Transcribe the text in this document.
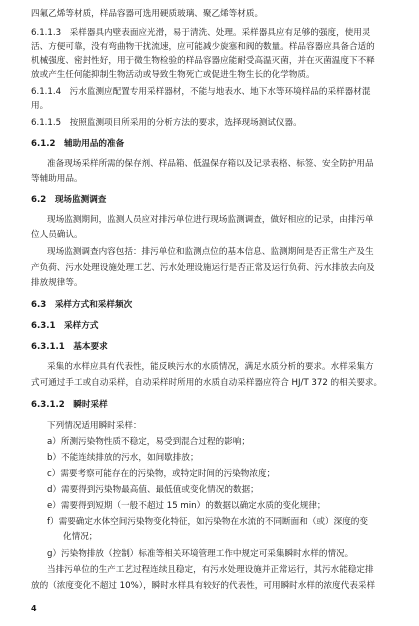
四氟乙烯等材质，样品容器可选用硬质玻璃、聚乙烯等材质。
6.1.1.3　采样器具内壁表面应光滑，易于清洗、处理。采样器具应有足够的强度，使用灵
活、方便可靠，没有弯曲物干扰流速，应可能减少旋塞和阀的数量。样品容器应具备合适的
机械强度、密封性好，用于微生物检验的样品容器应能耐受高温灭菌，并在灭菌温度下不释
放或产生任何能抑制生物活动或导致生物死亡或促进生物生长的化学物质。
6.1.1.4　污水监测应配置专用采样器材，不能与地表水、地下水等环境样品的采样器材混
用。
6.1.1.5　按照监测项目所采用的分析方法的要求，选择现场测试仪器。
6.1.2　辅助用品的准备
准备现场采样所需的保存剂、样品箱、低温保存箱以及记录表格、标签、安全防护用品
等辅助用品。
6.2　现场监测调查
现场监测期间，监测人员应对排污单位进行现场监测调查，做好相应的记录，由排污单
位人员确认。
现场监测调查内容包括：排污单位和监测点位的基本信息、监测期间是否正常生产及生
产负荷、污水处理设施处理工艺、污水处理设施运行是否正常及运行负荷、污水排放去向及
排放规律等。
6.3　采样方式和采样频次
6.3.1　采样方式
6.3.1.1　基本要求
采集的水样应具有代表性，能反映污水的水质情况，满足水质分析的要求。水样采集方
式可通过手工或自动采样，自动采样时所用的水质自动采样器应符合 HJ/T 372 的相关要求。
6.3.1.2　瞬时采样
下列情况适用瞬时采样：
a）所测污染物性质不稳定，易受到混合过程的影响；
b）不能连续排放的污水，如间歇排放；
c）需要考察可能存在的污染物，或特定时间的污染物浓度；
d）需要得到污染物最高值、最低值或变化情况的数据；
e）需要得到短期（一般不超过 15 min）的数据以确定水质的变化规律；
f）需要确定水体空间污染物变化特征，如污染物在水流的不同断面和（或）深度的变
化情况；
g）污染物排放（控制）标准等相关环境管理工作中规定可采集瞬时水样的情况。
当排污单位的生产工艺过程连续且稳定，有污水处理设施并正常运行，其污水能稳定排
放的（浓度变化不超过 10%），瞬时水样具有较好的代表性，可用瞬时水样的浓度代表采样
4
